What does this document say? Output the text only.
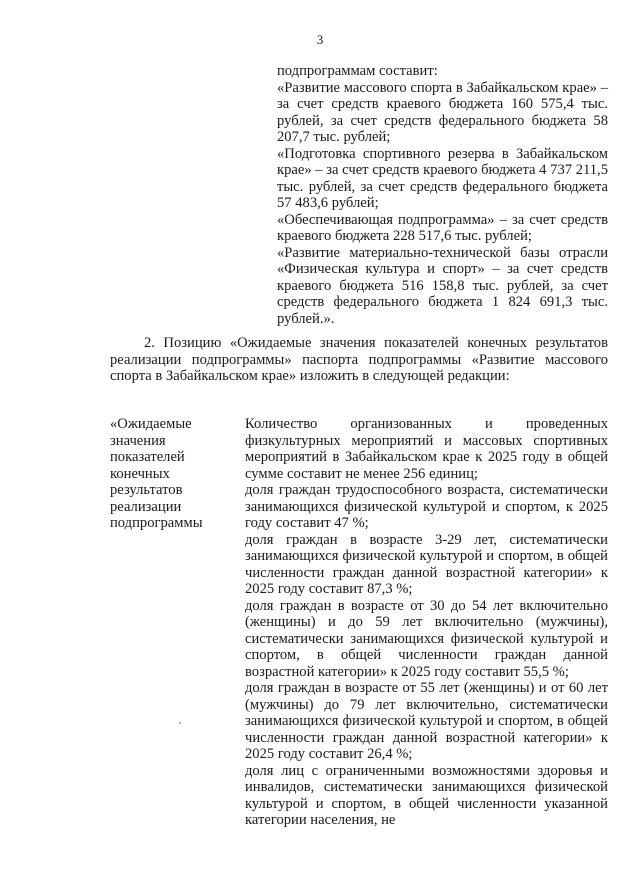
3

подпрограммам составит:

«Развитие массового спорта в Забайкальском крае» – за счет средств краевого бюджета 160 575,4 тыс. рублей, за счет средств федерального бюджета 58 207,7 тыс. рублей;

«Подготовка спортивного резерва в Забайкальском крае» – за счет средств краевого бюджета 4 737 211,5 тыс. рублей, за счет средств федерального бюджета 57 483,6 рублей;

«Обеспечивающая подпрограмма» – за счет средств краевого бюджета 228 517,6 тыс. рублей;

«Развитие материально-технической базы отрасли «Физическая культура и спорт» – за счет средств краевого бюджета 516 158,8 тыс. рублей, за счет средств федерального бюджета 1 824 691,3 тыс. рублей.».

2. Позицию «Ожидаемые значения показателей конечных результатов реализации подпрограммы» паспорта подпрограммы «Развитие массового спорта в Забайкальском крае» изложить в следующей редакции:

«Ожидаемые

значения

показателей

конечных

результатов

реализации

подпрограммы

Количество организованных и проведенных физкультурных мероприятий и массовых спортивных мероприятий в Забайкальском крае к 2025 году в общей сумме составит не менее 256 единиц;

доля граждан трудоспособного возраста, систематически занимающихся физической культурой и спортом, к 2025 году составит 47 %;

доля граждан в возрасте 3-29 лет, систематически занимающихся физической культурой и спортом, в общей численности граждан данной возрастной категории» к 2025 году составит 87,3 %;

доля граждан в возрасте от 30 до 54 лет включительно (женщины) и до 59 лет включительно (мужчины), систематически занимающихся физической культурой и спортом, в общей численности граждан данной возрастной категории» к 2025 году составит 55,5 %;

доля граждан в возрасте от 55 лет (женщины) и от 60 лет (мужчины) до 79 лет включительно, систематически занимающихся физической культурой и спортом, в общей численности граждан данной возрастной категории» к 2025 году составит 26,4 %;

доля лиц с ограниченными возможностями здоровья и инвалидов, систематически занимающихся физической культурой и спортом, в общей численности указанной категории населения, не
